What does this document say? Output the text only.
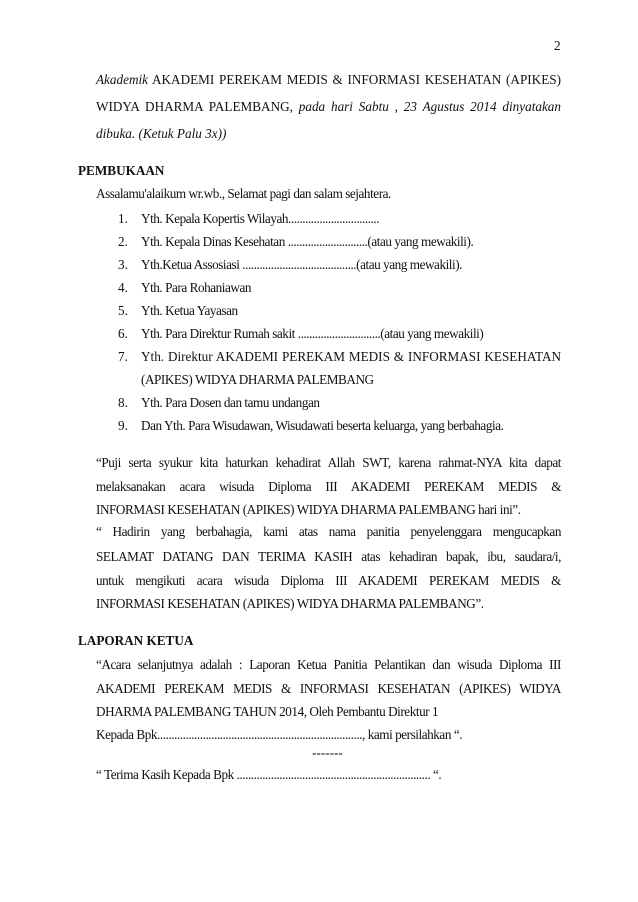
2
Akademik AKADEMI PEREKAM MEDIS & INFORMASI KESEHATAN (APIKES)
WIDYA DHARMA PALEMBANG, pada hari Sabtu , 23 Agustus 2014 dinyatakan
dibuka. (Ketuk Palu 3x))
PEMBUKAAN
Assalamu'alaikum wr.wb., Selamat pagi dan salam sejahtera.
1. Yth. Kepala Kopertis Wilayah................................
2. Yth. Kepala Dinas Kesehatan ............................(atau yang mewakili).
3. Yth.Ketua Assosiasi ........................................(atau yang mewakili).
4. Yth. Para Rohaniawan
5. Yth. Ketua Yayasan
6. Yth. Para Direktur Rumah sakit .............................(atau yang mewakili)
7. Yth. Direktur AKADEMI PEREKAM MEDIS & INFORMASI KESEHATAN
(APIKES) WIDYA DHARMA PALEMBANG
8. Yth. Para Dosen dan tamu undangan
9. Dan Yth. Para Wisudawan, Wisudawati beserta keluarga, yang berbahagia.
“Puji serta syukur kita haturkan kehadirat Allah SWT, karena rahmat-NYA kita dapat
melaksanakan acara wisuda Diploma III AKADEMI PEREKAM MEDIS &
INFORMASI KESEHATAN (APIKES) WIDYA DHARMA PALEMBANG hari ini”.
“ Hadirin yang berbahagia, kami atas nama panitia penyelenggara mengucapkan
SELAMAT DATANG DAN TERIMA KASIH atas kehadiran bapak, ibu, saudara/i,
untuk mengikuti acara wisuda Diploma III AKADEMI PEREKAM MEDIS &
INFORMASI KESEHATAN (APIKES) WIDYA DHARMA PALEMBANG”.
LAPORAN KETUA
“Acara selanjutnya adalah : Laporan Ketua Panitia Pelantikan dan wisuda Diploma III
AKADEMI PEREKAM MEDIS & INFORMASI KESEHATAN (APIKES) WIDYA
DHARMA PALEMBANG TAHUN 2014, Oleh Pembantu Direktur 1
Kepada Bpk........................................................................, kami persilahkan “.
-------
“ Terima Kasih Kepada Bpk .................................................................... “.
